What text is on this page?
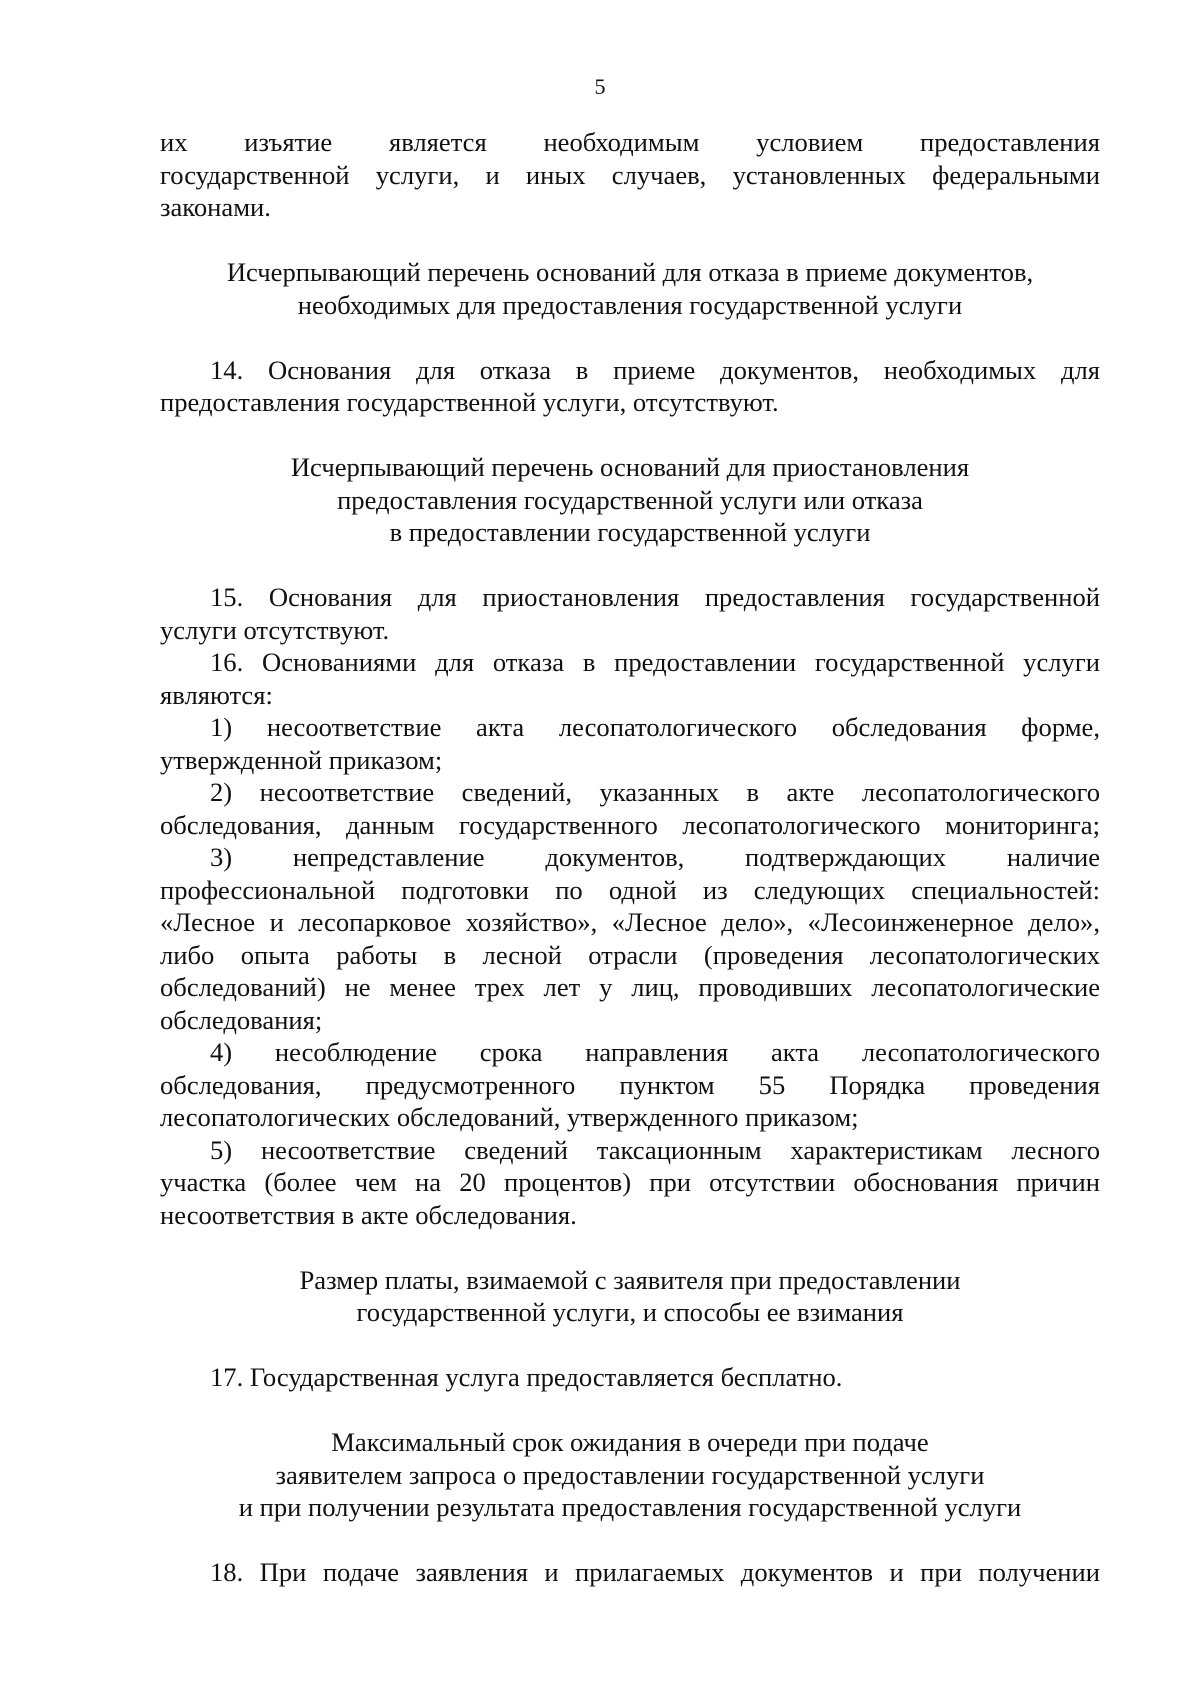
5
их изъятие является необходимым условием предоставления
государственной услуги, и иных случаев, установленных федеральными
законами.
Исчерпывающий перечень оснований для отказа в приеме документов,
необходимых для предоставления государственной услуги
14. Основания для отказа в приеме документов, необходимых для
предоставления государственной услуги, отсутствуют.
Исчерпывающий перечень оснований для приостановления
предоставления государственной услуги или отказа
в предоставлении государственной услуги
15. Основания для приостановления предоставления государственной
услуги отсутствуют.
16. Основаниями для отказа в предоставлении государственной услуги
являются:
1) несоответствие акта лесопатологического обследования форме,
утвержденной приказом;
2) несоответствие сведений, указанных в акте лесопатологического
обследования, данным государственного лесопатологического мониторинга;
3) непредставление документов, подтверждающих наличие
профессиональной подготовки по одной из следующих специальностей:
«Лесное и лесопарковое хозяйство», «Лесное дело», «Лесоинженерное дело»,
либо опыта работы в лесной отрасли (проведения лесопатологических
обследований) не менее трех лет у лиц, проводивших лесопатологические
обследования;
4) несоблюдение срока направления акта лесопатологического
обследования, предусмотренного пунктом 55 Порядка проведения
лесопатологических обследований, утвержденного приказом;
5) несоответствие сведений таксационным характеристикам лесного
участка (более чем на 20 процентов) при отсутствии обоснования причин
несоответствия в акте обследования.
Размер платы, взимаемой с заявителя при предоставлении
государственной услуги, и способы ее взимания
17. Государственная услуга предоставляется бесплатно.
Максимальный срок ожидания в очереди при подаче
заявителем запроса о предоставлении государственной услуги
и при получении результата предоставления государственной услуги
18. При подаче заявления и прилагаемых документов и при получении
